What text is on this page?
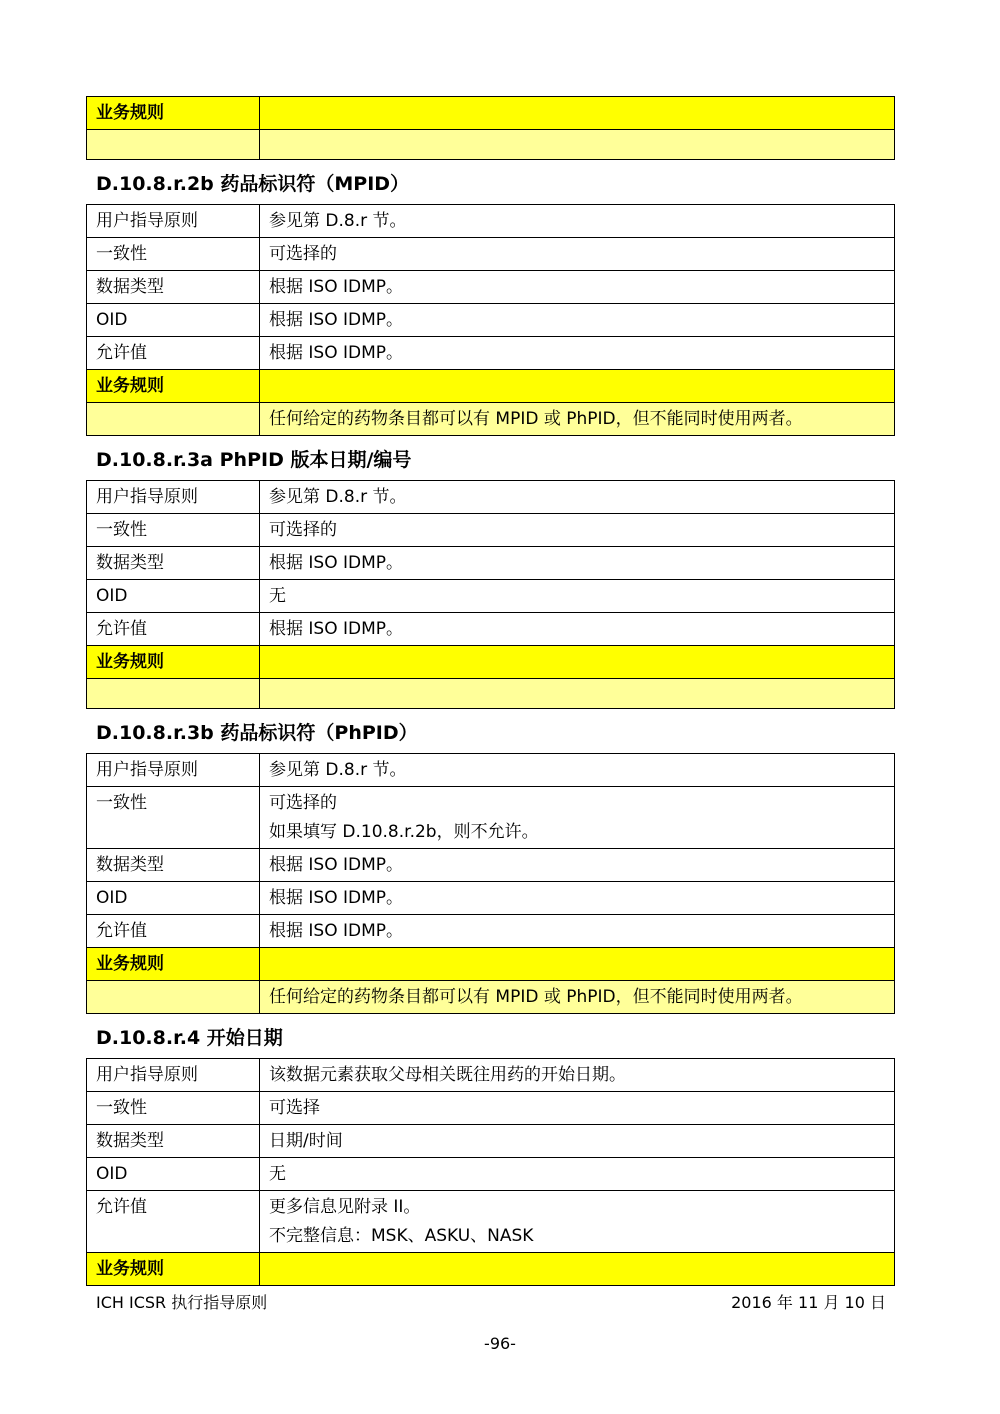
业务规则	

D.10.8.r.2b 药品标识符（MPID）
用户指导原则	参见第 D.8.r 节。

一致性	可选择的

数据类型	根据 ISO IDMP。

OID	根据 ISO IDMP。

允许值	根据 ISO IDMP。

业务规则	
	任何给定的药物条目都可以有 MPID 或 PhPID，但不能同时使用两者。
D.10.8.r.3a PhPID 版本日期/编号
用户指导原则	参见第 D.8.r 节。

一致性	可选择的

数据类型	根据 ISO IDMP。

OID	无

允许值	根据 ISO IDMP。

业务规则	

D.10.8.r.3b 药品标识符（PhPID）
用户指导原则	参见第 D.8.r 节。

一致性	可选择的
如果填写 D.10.8.r.2b，则不允许。

数据类型	根据 ISO IDMP。

OID	根据 ISO IDMP。

允许值	根据 ISO IDMP。

业务规则	
	任何给定的药物条目都可以有 MPID 或 PhPID，但不能同时使用两者。
D.10.8.r.4 开始日期
用户指导原则	该数据元素获取父母相关既往用药的开始日期。

一致性	可选择

数据类型	日期/时间

OID	无

允许值	更多信息见附录 II。
不完整信息：MSK、ASKU、NASK

业务规则	
ICH ICSR 执行指导原则	2016 年 11 月 10 日
-96-
